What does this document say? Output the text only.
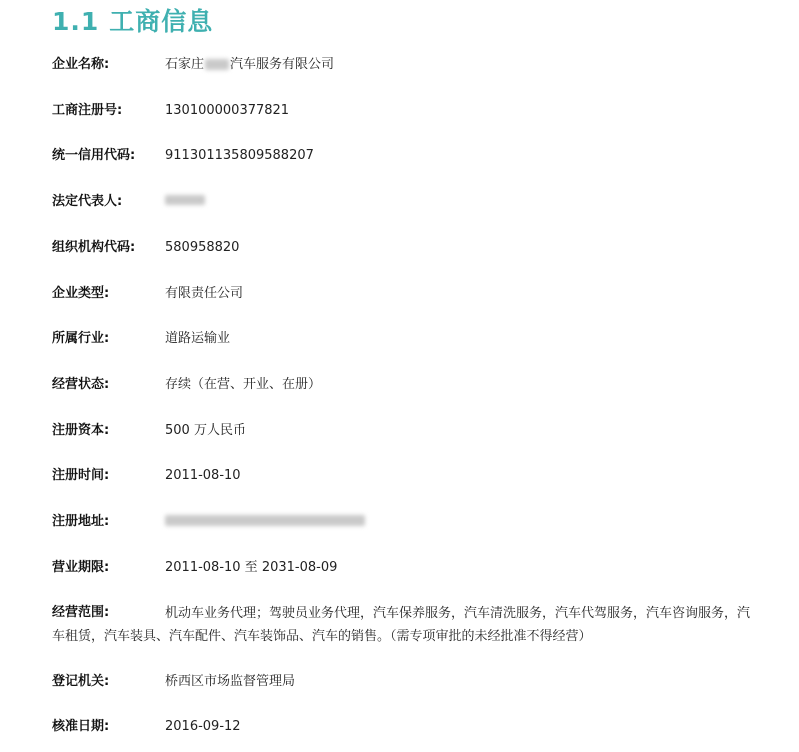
1.1 工商信息
企业名称:	石家庄 汽车服务有限公司
工商注册号:	130100000377821
统一信用代码: 911301135809588207
法定代表人:
组织机构代码: 580958820
企业类型:	有限责任公司
所属行业:	道路运输业
经营状态:	存续（在营、开业、在册）
注册资本:	500 万人民币
注册时间:	2011-08-10
注册地址:
营业期限:	2011-08-10 至 2031-08-09
经营范围:	机动车业务代理；驾驶员业务代理，汽车保养服务，汽车清洗服务，汽车代驾服务，汽车咨询服务，汽车租赁，汽车装具、汽车配件、汽车装饰品、汽车的销售。（需专项审批的未经批准不得经营）
登记机关:	桥西区市场监督管理局
核准日期:	2016-09-12
